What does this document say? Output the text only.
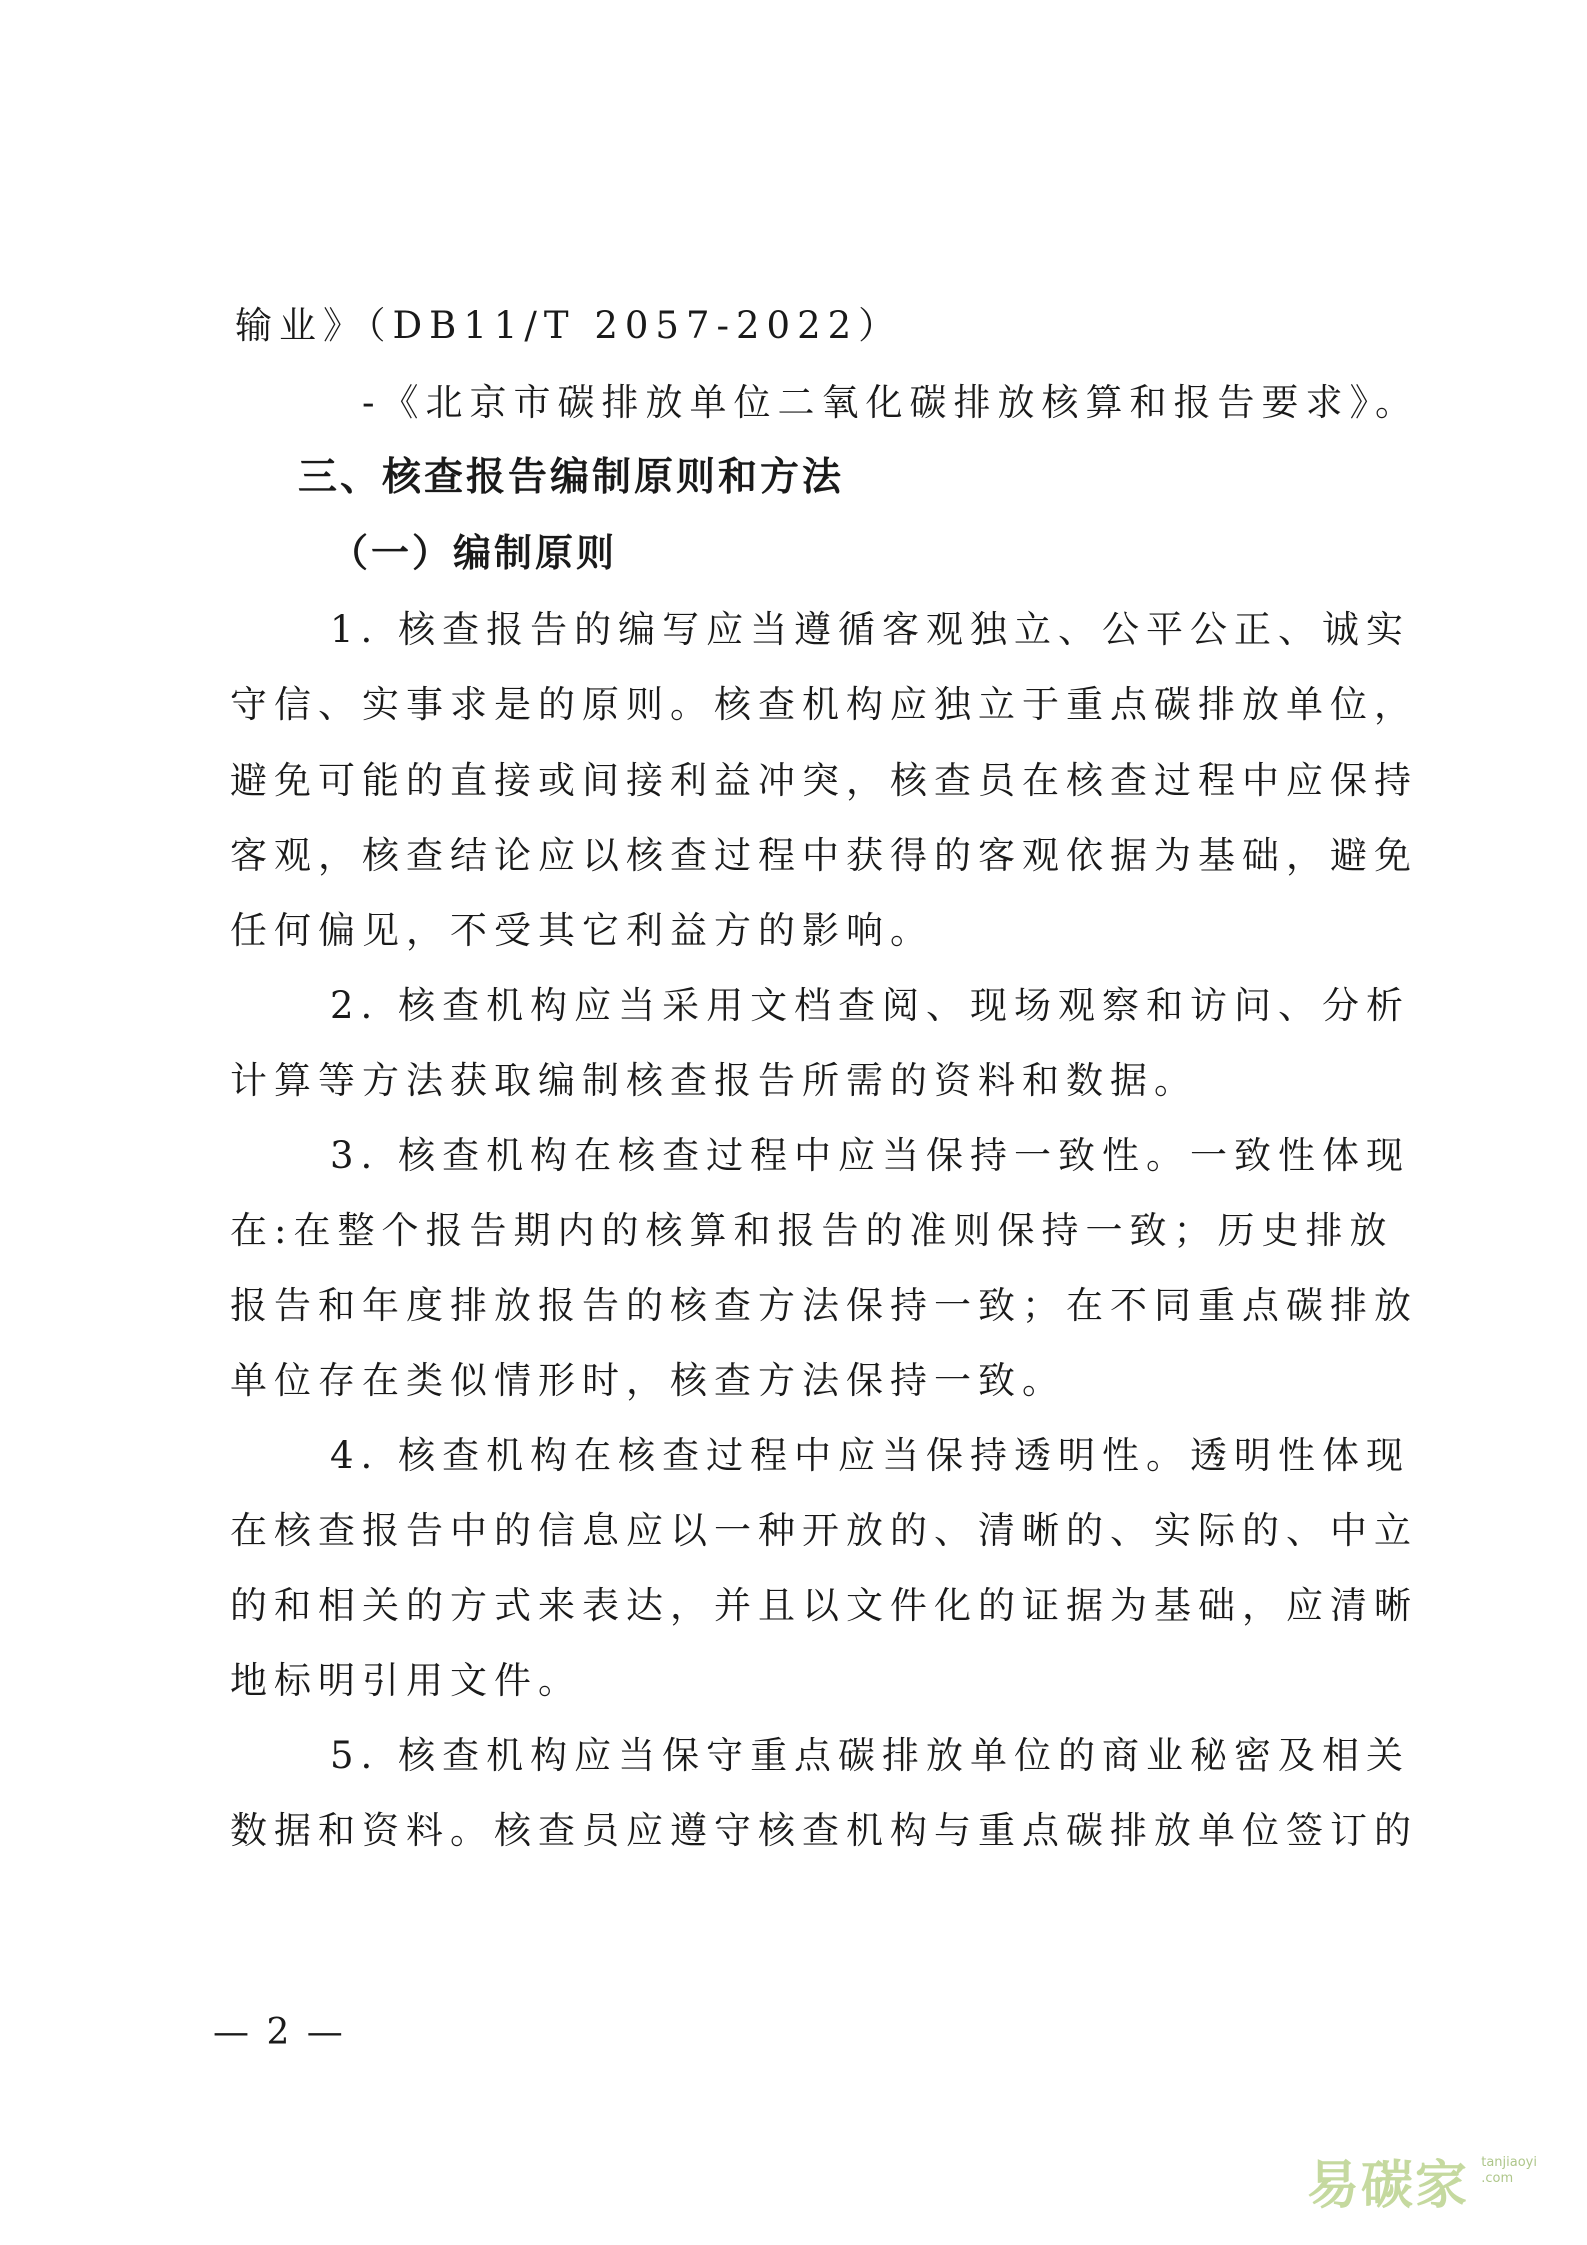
输业》（DB11/T 2057-2022）
-《北京市碳排放单位二氧化碳排放核算和报告要求》。
三、核查报告编制原则和方法
（一）编制原则
1. 核查报告的编写应当遵循客观独立、公平公正、诚实
守信、实事求是的原则。核查机构应独立于重点碳排放单位，
避免可能的直接或间接利益冲突，核查员在核查过程中应保持
客观，核查结论应以核查过程中获得的客观依据为基础，避免
任何偏见，不受其它利益方的影响。
2. 核查机构应当采用文档查阅、现场观察和访问、分析
计算等方法获取编制核查报告所需的资料和数据。
3. 核查机构在核查过程中应当保持一致性。一致性体现
在:在整个报告期内的核算和报告的准则保持一致；历史排放
报告和年度排放报告的核查方法保持一致；在不同重点碳排放
单位存在类似情形时，核查方法保持一致。
4. 核查机构在核查过程中应当保持透明性。透明性体现
在核查报告中的信息应以一种开放的、清晰的、实际的、中立
的和相关的方式来表达，并且以文件化的证据为基础，应清晰
地标明引用文件。
5. 核查机构应当保守重点碳排放单位的商业秘密及相关
数据和资料。核查员应遵守核查机构与重点碳排放单位签订的
— 2 —
易碳家 tanjiaoyi
.com
